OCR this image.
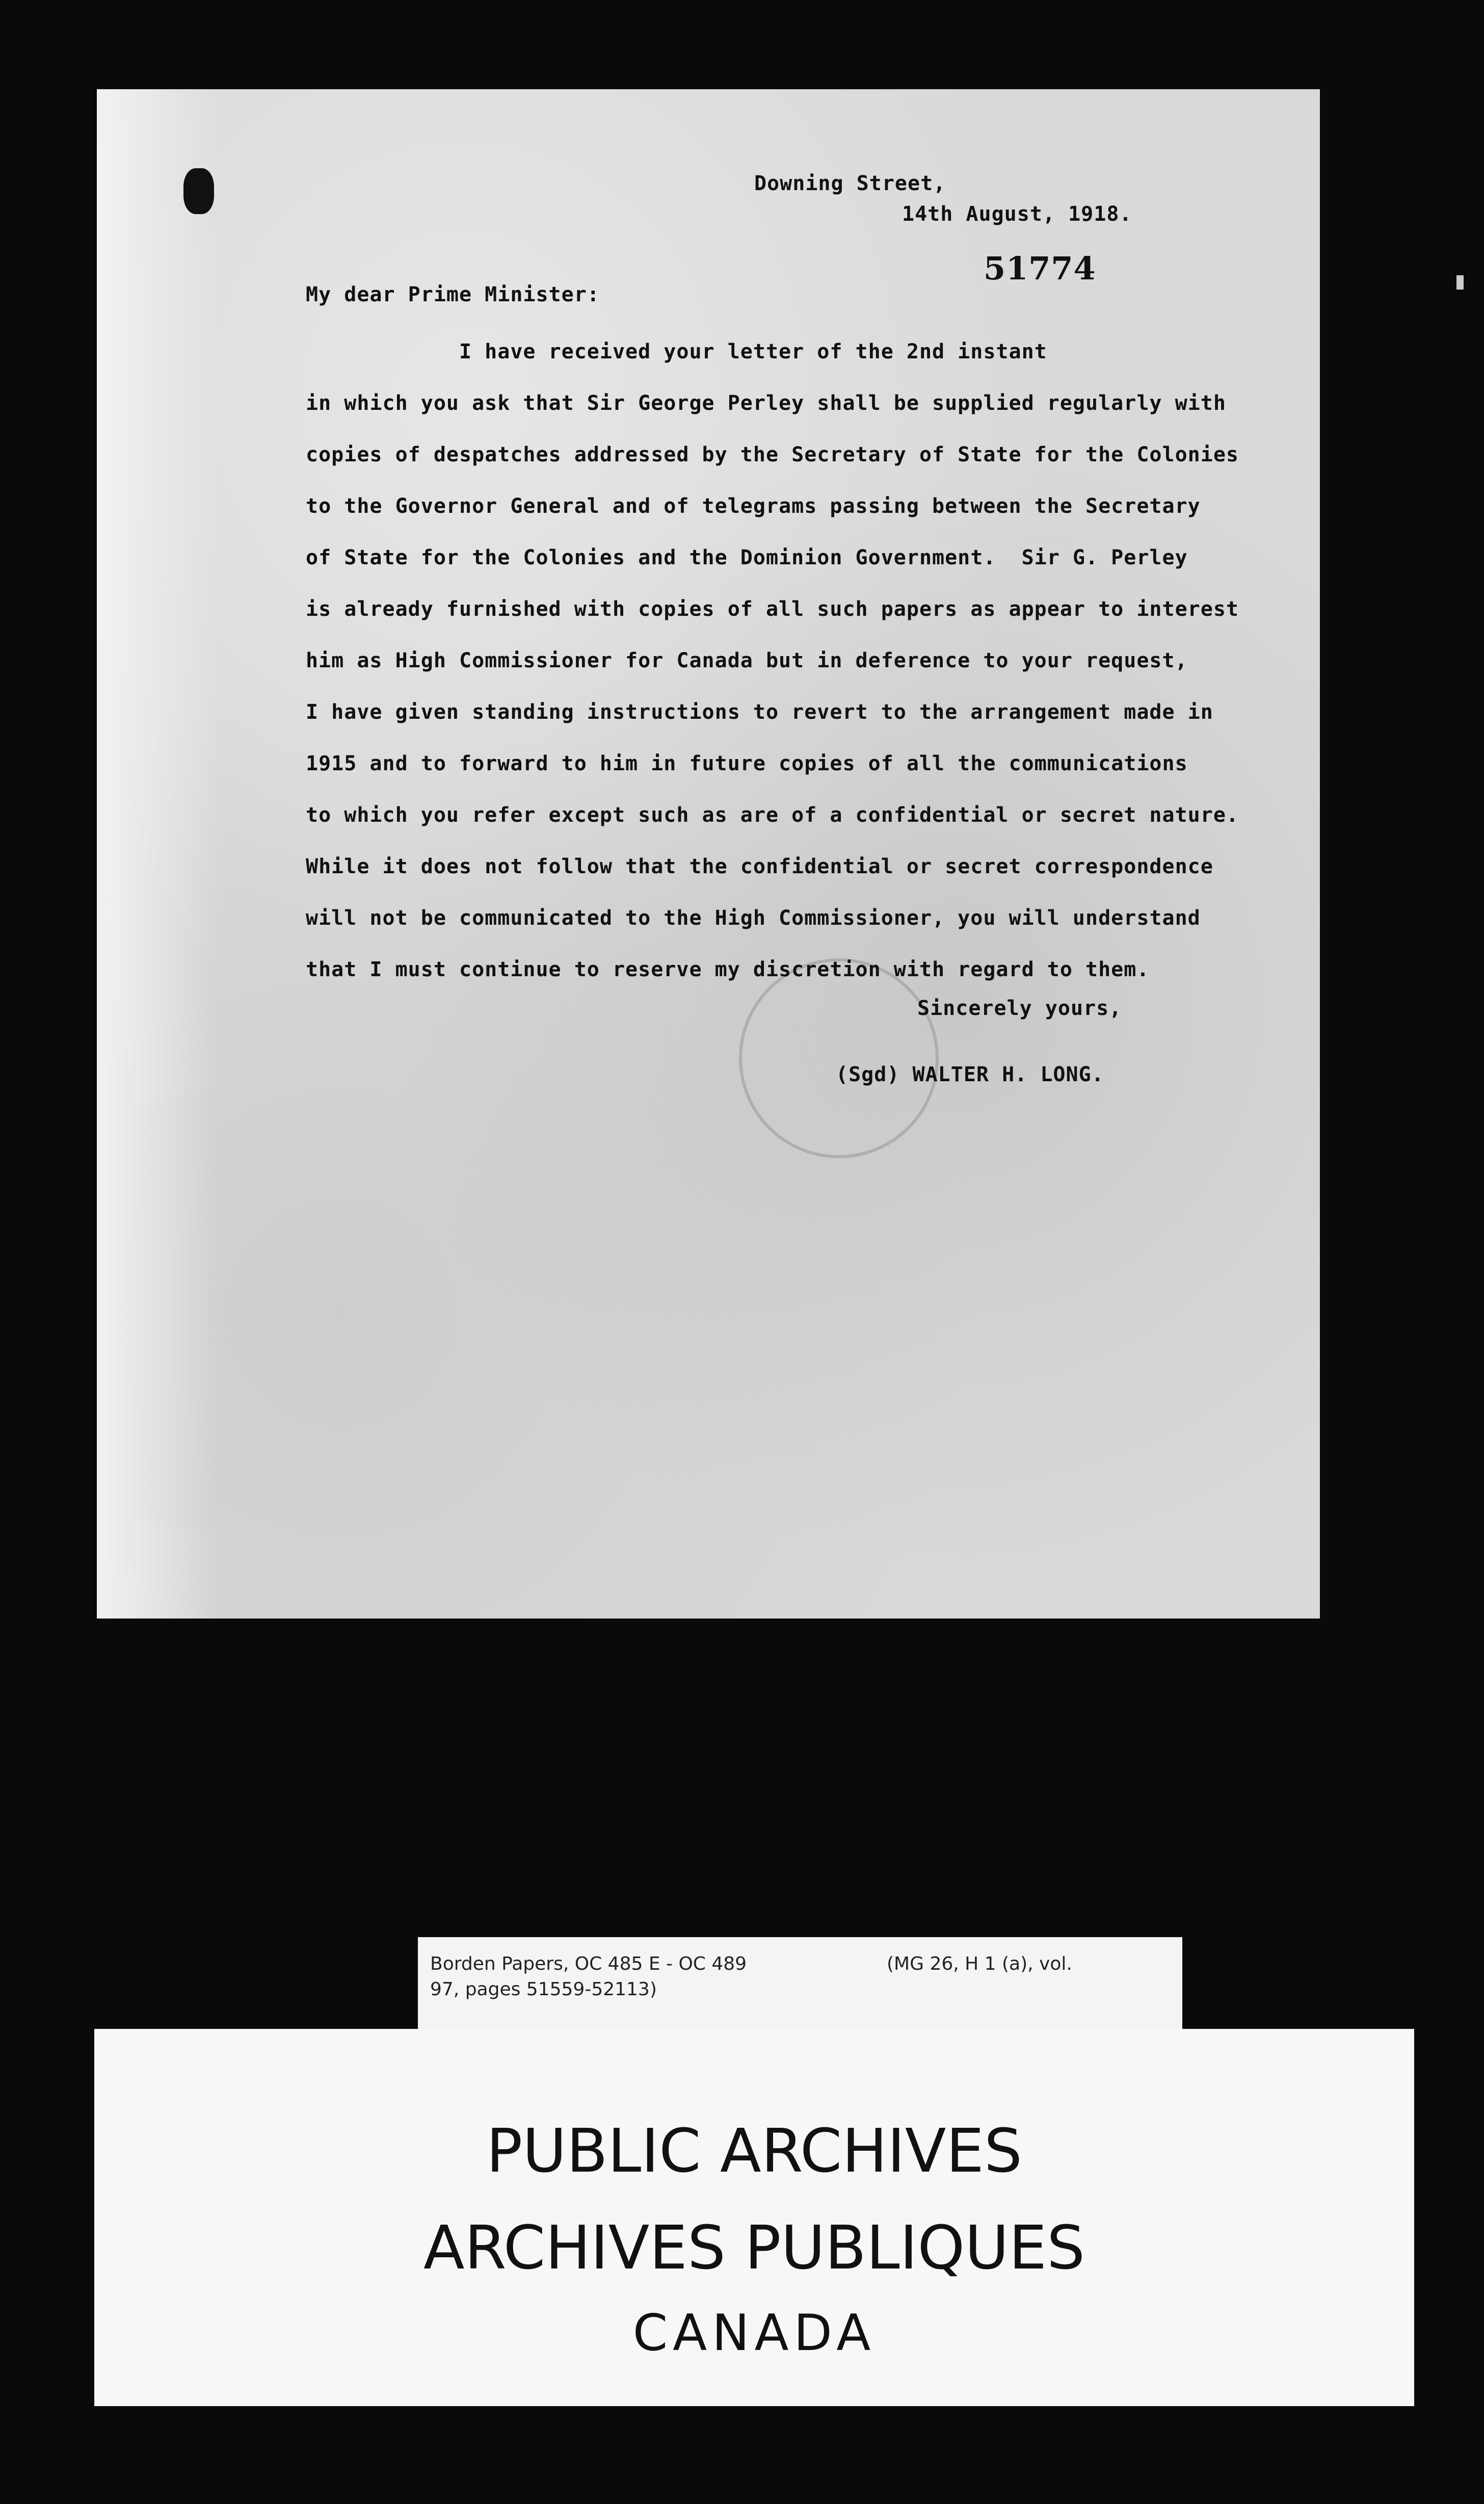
Downing Street,
14th August, 1918.
51774
My dear Prime Minister:
I have received your letter of the 2nd instant
in which you ask that Sir George Perley shall be supplied regularly with
copies of despatches addressed by the Secretary of State for the Colonies
to the Governor General and of telegrams passing between the Secretary
of State for the Colonies and the Dominion Government.  Sir G. Perley
is already furnished with copies of all such papers as appear to interest
him as High Commissioner for Canada but in deference to your request,
I have given standing instructions to revert to the arrangement made in
1915 and to forward to him in future copies of all the communications
to which you refer except such as are of a confidential or secret nature.
While it does not follow that the confidential or secret correspondence
will not be communicated to the High Commissioner, you will understand
that I must continue to reserve my discretion with regard to them.
Sincerely yours,
(Sgd) WALTER H. LONG.
Borden Papers, OC 485 E - OC 489
97, pages 51559-52113)
(MG 26, H 1 (a), vol.
PUBLIC ARCHIVES
ARCHIVES PUBLIQUES
CANADA
